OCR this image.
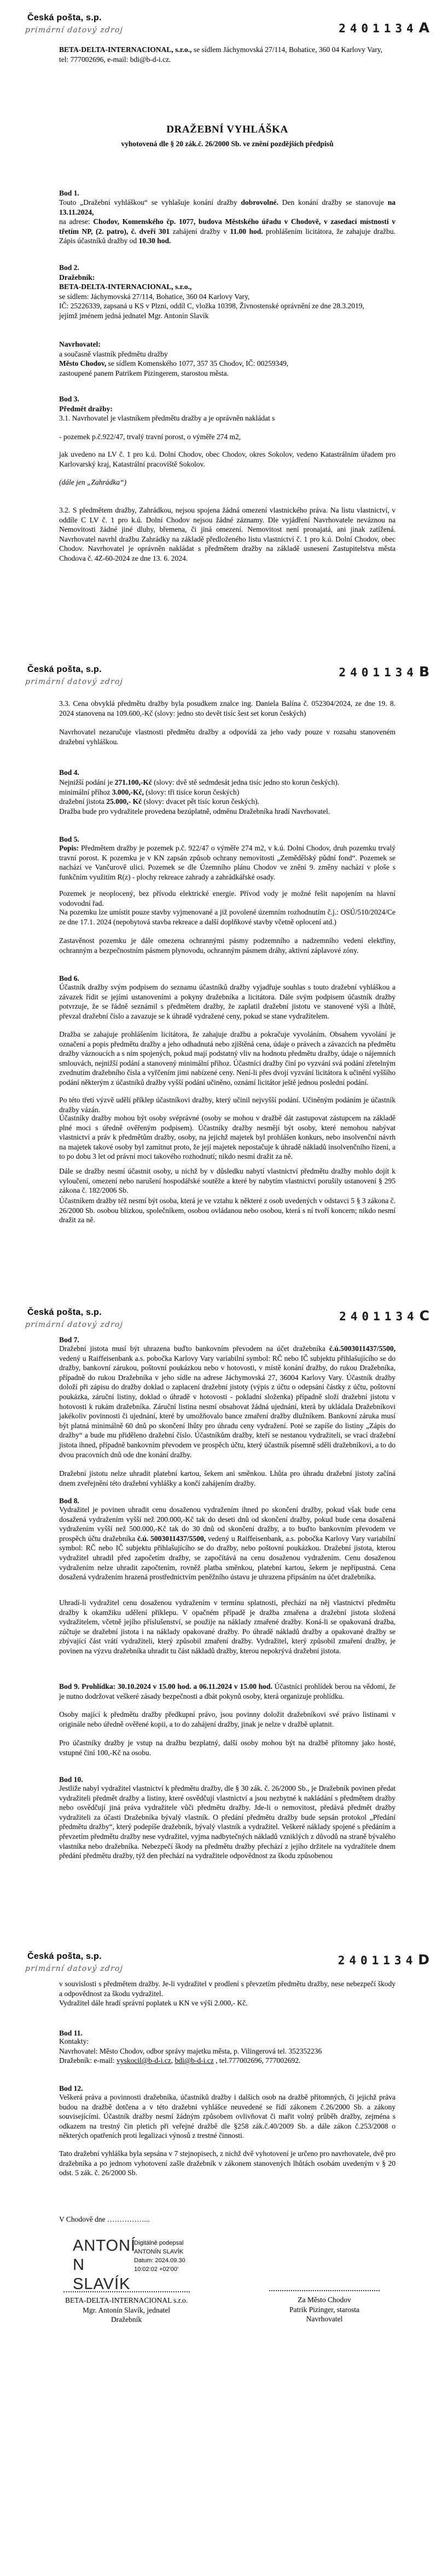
Česká pošta, s.p.
primární datový zdroj	2401134A
BETA-DELTA-INTERNACIONAL, s.r.o., se sídlem Jáchymovská 27/114, Bohatice, 360 04 Karlovy Vary, tel: 777002696, e-mail: bdi@b-d-i.cz.
DRAŽEBNÍ VYHLÁŠKA
vyhotovená dle § 20 zák.č. 26/2000 Sb. ve znění pozdějších předpisů
Bod 1.
Touto „Dražební vyhláškou“ se vyhlašuje konání dražby dobrovolné. Den konání dražby se stanovuje na 13.11.2024,
na adrese: Chodov, Komenského čp. 1077, budova Městského úřadu v Chodově, v zasedací místnosti v třetím NP, (2. patro), č. dveří 301 zahájení dražby v 11.00 hod. prohlášením licitátora, že zahajuje dražbu. Zápis účastníků dražby od 10.30 hod.
Bod 2.
Dražebník:
BETA-DELTA-INTERNACIONAL, s.r.o.,
se sídlem: Jáchymovská 27/114, Bohatice, 360 04 Karlovy Vary,
IČ: 25226339, zapsaná u KS v Plzni, oddíl C, vložka 10398, Živnostenské oprávnění ze dne 28.3.2019,
jejímž jménem jedná jednatel Mgr. Antonín Slavík
Navrhovatel:
a současně vlastník předmětu dražby
Město Chodov, se sídlem Komenského 1077, 357 35 Chodov, IČ: 00259349,
zastoupené panem Patrikem Pizingerem, starostou města.
Bod 3.
Předmět dražby:
3.1. Navrhovatel je vlastníkem předmětu dražby a je oprávněn nakládat s
- pozemek p.č.922/47, trvalý travní porost, o výměře 274 m2,
jak uvedeno na LV č. 1 pro k.ú. Dolní Chodov, obec Chodov, okres Sokolov, vedeno Katastrálním úřadem pro Karlovarský kraj, Katastrální pracoviště Sokolov.
(dále jen „Zahrádka“)
3.2. S předmětem dražby, Zahrádkou, nejsou spojena žádná omezení vlastnického práva. Na listu vlastnictví, v oddíle C LV č. 1 pro k.ú. Dolní Chodov nejsou žádné záznamy. Dle vyjádření Navrhovatele neváznou na Nemovitosti žádné jiné dluhy, břemena, či jiná omezení. Nemovitost není pronajatá, ani jinak zatížená. Navrhovatel navrhl dražbu Zahrádky na základě předloženého listu vlastnictví č. 1 pro k.ú. Dolní Chodov, obec Chodov. Navrhovatel je oprávněn nakládat s předmětem dražby na základě usnesení Zastupitelstva města Chodova č. 4Z-60-2024 ze dne 13. 6. 2024.
Česká pošta, s.p.
primární datový zdroj
2401134B
3.3. Cena obvyklá předmětu dražby byla posudkem znalce ing. Daniela Balína č. 052304/2024, ze dne 19. 8. 2024 stanovena na 109.600,-Kč (slovy: jedno sto devět tisíc šest set korun českých)
Navrhovatel nezaručuje vlastnosti předmětu dražby a odpovídá za jeho vady pouze v rozsahu stanoveném dražební vyhláškou.
Bod 4.
Nejnižší podání je 271.100,-Kč (slovy: dvě stě sedmdesát jedna tisíc jedno sto korun českých).
minimální příhoz 3.000,-Kč, (slovy: tři tisíce korun českých)
dražební jistota 25.000,- Kč (slovy: dvacet pět tisíc korun českých).
Dražba bude pro vydražitele provedena bezúplatně, odměnu Dražebníka hradí Navrhovatel.
Bod 5.
Popis: Předmětem dražby je pozemek p.č. 922/47 o výměře 274 m2, v k.ú. Dolní Chodov, druh pozemku trvalý travní porost. K pozemku je v KN zapsán způsob ochrany nemovitosti „Zemědělský půdní fond“. Pozemek se nachází ve Vančurově ulici. Pozemek se dle Územního plánu Chodov ve znění 9. změny nachází v ploše s funkčním využitím R(z) - plochy rekreace zahrady a zahrádkářské osady.
Pozemek je neoplocený, bez přívodu elektrické energie. Přívod vody je možné řešit napojením na hlavní vodovodní řad.
Na pozemku lze umístit pouze stavby vyjmenované a již povolené územním rozhodnutím č.j.: OSÚ/510/2024/Ce ze dne 17.1. 2024 (nepobytová stavba rekreace a další doplňkové stavby včetně oplocení atd.)
Zastavěnost pozemku je dále omezena ochrannými pásmy podzemního a nadzemního vedení elektřiny, ochranným a bezpečnostním pásmem plynovodu, ochranným pásmem dráhy, aktivní záplavové zóny.
Bod 6.
Účastník dražby svým podpisem do seznamu účastníků dražby vyjadřuje souhlas s touto dražební vyhláškou a závazek řídit se jejími ustanoveními a pokyny dražebníka a licitátora. Dále svým podpisem účastník dražby potvrzuje, že se řádně seznámil s předmětem dražby, že zaplatil dražební jistotu ve stanovené výši a lhůtě, převzal dražební číslo a zavazuje se k úhradě vydražené ceny, pokud se stane vydražitelem.
Dražba se zahajuje prohlášením licitátora, že zahajuje dražbu a pokračuje vyvoláním. Obsahem vyvolání je označení a popis předmětu dražby a jeho odhadnutá nebo zjištěná cena, údaje o právech a závazcích na předmětu dražby váznoucích a s ním spojených, pokud mají podstatný vliv na hodnotu předmětu dražby, údaje o nájemních smlouvách, nejnižší podání a stanovený minimální příhoz. Účastníci dražby činí po vyzvání svá podání zřetelným zvednutím dražebního čísla a vyřčením jimi nabízené ceny. Není-li přes dvojí vyzvání licitátora k učinění vyššího podání některým z účastníků dražby vyšší podání učiněno, oznámí licitátor ještě jednou poslední podání.
Po této třetí výzvě udělí příklep účastníkovi dražby, který učinil nejvyšší podání. Učiněným podáním je účastník dražby vázán.
Účastníky dražby mohou být osoby svéprávné (osoby se mohou v dražbě dát zastupovat zástupcem na základě plné moci s úředně ověřeným podpisem). Účastníky dražby nesmějí být osoby, které nemohou nabývat vlastnictví a práv k předmětům dražby, osoby, na jejichž majetek byl prohlášen konkurs, nebo insolvenční návrh na majetek takové osoby byl zamítnut proto, že její majetek nepostačuje k úhradě nákladů insolvenčního řízení, a to po dobu 3 let od právní moci takového rozhodnutí; nikdo nesmí dražit za ně.
Dále se dražby nesmí účastnit osoby, u nichž by v důsledku nabytí vlastnictví předmětu dražby mohlo dojít k vyloučení, omezení nebo narušení hospodářské soutěže a které by nabytím vlastnictví porušily ustanovení § 295 zákona č. 182/2006 Sb.
Účastníkem dražby též nesmí být osoba, která je ve vztahu k některé z osob uvedených v odstavci 5 § 3 zákona č. 26/2000 Sb. osobou blízkou, společníkem, osobou ovládanou nebo osobou, která s ní tvoří koncern; nikdo nesmí dražit za ně.
Česká pošta, s.p.
primární datový zdroj
2401134C
Bod 7.
Dražební jistota musí být uhrazena buďto bankovním převodem na účet dražebníka č.ú.5003011437/5500, vedený u Raiffeisenbank a.s. pobočka Karlovy Vary variabilní symbol: RČ nebo IČ subjektu přihlašujícího se do dražby, bankovní zárukou, poštovní poukázkou nebo v hotovosti, v místě konání dražby, do rukou Dražebníka, případně do rukou Dražebníka v jeho sídle na adrese Jáchymovská 27, 36004 Karlovy Vary. Účastník dražby doloží při zápisu do dražby doklad o zaplacení dražební jistoty (výpis z účtu o odepsání částky z účtu, poštovní poukázka, záruční listiny, doklad o úhradě v hotovosti - pokladní složenka) případně složí dražební jistotu v hotovosti k rukám dražebníka. Záruční listina nesmí obsahovat žádná ujednání, která by ukládala Dražebníkovi jakékoliv povinnosti či ujednání, které by umožňovalo bance zmaření dražby dlužníkem. Bankovní záruka musí být platná minimálně 60 dnů po skončení lhůty pro úhradu ceny vydražení. Poté se zapíše do listiny „Zápis do dražby“ a bude mu přiděleno dražební číslo. Účastníkům dražby, kteří se nestanou vydražiteli, se vrací dražební jistota ihned, případně bankovním převodem ve prospěch účtu, který účastník písemně sdělí dražebníkovi, a to do dvou pracovních dnů ode dne konání dražby.
Dražební jistotu nelze uhradit platební kartou, šekem ani směnkou. Lhůta pro úhradu dražební jistoty začíná dnem zveřejnění této dražební vyhlášky a končí zahájením dražby.
Bod 8.
Vydražitel je povinen uhradit cenu dosaženou vydražením ihned po skončení dražby, pokud však bude cena dosažená vydražením vyšší než 200.000,-Kč tak do deseti dnů od skončení dražby, pokud bude cena dosažená vydražením vyšší než 500.000,-Kč tak do 30 dnů od skončení dražby, a to buďto bankovním převodem ve prospěch účtu dražebníka č.ú. 5003011437/5500, vedený u Raiffeisenbank, a.s. pobočka Karlovy Vary variabilní symbol: RČ nebo IČ subjektu přihlašujícího se do dražby, nebo poštovní poukázkou. Dražební jistota, kterou vydražitel uhradil před započetím dražby, se započítává na cenu dosaženou vydražením. Cenu dosaženou vydražením nelze uhradit započtením, rovněž platba směnkou, platební kartou, šekem je nepřípustná. Cena dosažená vydražením hrazená prostřednictvím peněžního ústavu je uhrazena připsáním na účet dražebníka.
Uhradí-li vydražitel cenu dosaženou vydražením v termínu splatnosti, přechází na něj vlastnictví předmětu dražby k okamžiku udělení příklepu. V opačném případě je dražba zmařena a dražební jistota složená vydražitelem, včetně jejího příslušenství, se použije na náklady zmařené dražby. Koná-li se opakovaná dražba, zúčtuje se dražební jistota i na náklady opakované dražby. Po úhradě nákladů dražby a opakované dražby se zbývající část vrátí vydražiteli, který způsobil zmaření dražby. Vydražitel, který způsobil zmaření dražby, je povinen na výzvu dražebníka uhradit tu část nákladů dražby, kterou nepokrývá dražební jistota.
Bod 9. Prohlídka: 30.10.2024 v 15.00 hod. a 06.11.2024 v 15.00 hod. Účastníci prohlídek berou na vědomí, že je nutno dodržovat veškeré zásady bezpečnosti a dbát pokynů osoby, která organizuje prohlídku.
Osoby mající k předmětu dražby předkupní právo, jsou povinny doložit dražebníkovi své právo listinami v originále nebo úředně ověřené kopii, a to do zahájení dražby, jinak je nelze v dražbě uplatnit.
Pro účastníky dražby je vstup na dražbu bezplatný, další osoby mohou být na dražbě přítomny jako hosté, vstupné činí 100,-Kč na osobu.
Bod 10.
Jestliže nabyl vydražitel vlastnictví k předmětu dražby, dle § 30 zák. č. 26/2000 Sb., je Dražebník povinen předat vydražiteli předmět dražby a listiny, které osvědčují vlastnictví a jsou nezbytné k nakládání s předmětem dražby nebo osvědčují jiná práva vydražitele vůči předmětu dražby. Jde-li o nemovitost, předává předmět dražby vydražiteli za účasti Dražebníka bývalý vlastník. O předání předmětu dražby bude sepsán protokol „Předání předmětu dražby“, který podepíše dražebník, bývalý vlastník a vydražitel. Veškeré náklady spojené s předáním a převzetím předmětu dražby nese vydražitel, vyjma nadbytečných nákladů vzniklých z důvodů na straně bývalého vlastníka nebo dražebníka. Nebezpečí škody na předmětu dražby přechází z jejího držitele na vydražitele dnem předání předmětu dražby, týž den přechází na vydražitele odpovědnost za škodu způsobenou
Česká pošta, s.p.
primární datový zdroj
2401134D
v souvislosti s předmětem dražby. Je-li vydražitel v prodlení s převzetím předmětu dražby, nese nebezpečí škody a odpovědnost za škodu vydražitel.
Vydražitel dále hradí správní poplatek u KN ve výši 2.000,- Kč.
Bod 11.
Kontakty:
Navrhovatel: Město Chodov, odbor správy majetku města, p. Vilingerová tel. 352352236
Dražebník: e-mail: vyskocil@b-d-i.cz, bdi@b-d-i.cz , tel.777002696, 777002692.
Bod 12.
Veškerá práva a povinnosti dražebníka, účastníků dražby i dalších osob na dražbě přítomných, či jejichž práva budou na dražbě dotčena a v této dražební vyhlášce neuvedené se řídí zákonem č.26/2000 Sb. a zákony souvisejícími. Účastník dražby nesmí žádným způsobem ovlivňovat či mařit volný průběh dražby, zejména s odkazem na trestný čin pletich při veřejné dražbě dle §258 zák.č.40/2009 Sb. a dále zákon č.253/2008 o některých opatřeních proti legalizaci výnosů z trestné činnosti.
Tato dražební vyhláška byla sepsána v 7 stejnopisech, z nichž dvě vyhotovení je určeno pro navrhovatele, dvě pro dražebníka a po jednom vyhotovení zašle dražebník v zákonem stanovených lhůtách osobám uvedeným v § 20 odst. 5 zák. č. 26/2000 Sb.
V Chodově dne ……………...
ANTONÍ
N SLAVÍK
Digitálně podepsal ANTONÍN SLAVÍK Datum: 2024.09.30 10:02:02 +02'00'
BETA-DELTA-INTERNACIONAL s.r.o.
Mgr. Antonín Slavík, jednatel
Dražebník
Za Město Chodov
Patrik Pizinger, starosta
Navrhovatel
